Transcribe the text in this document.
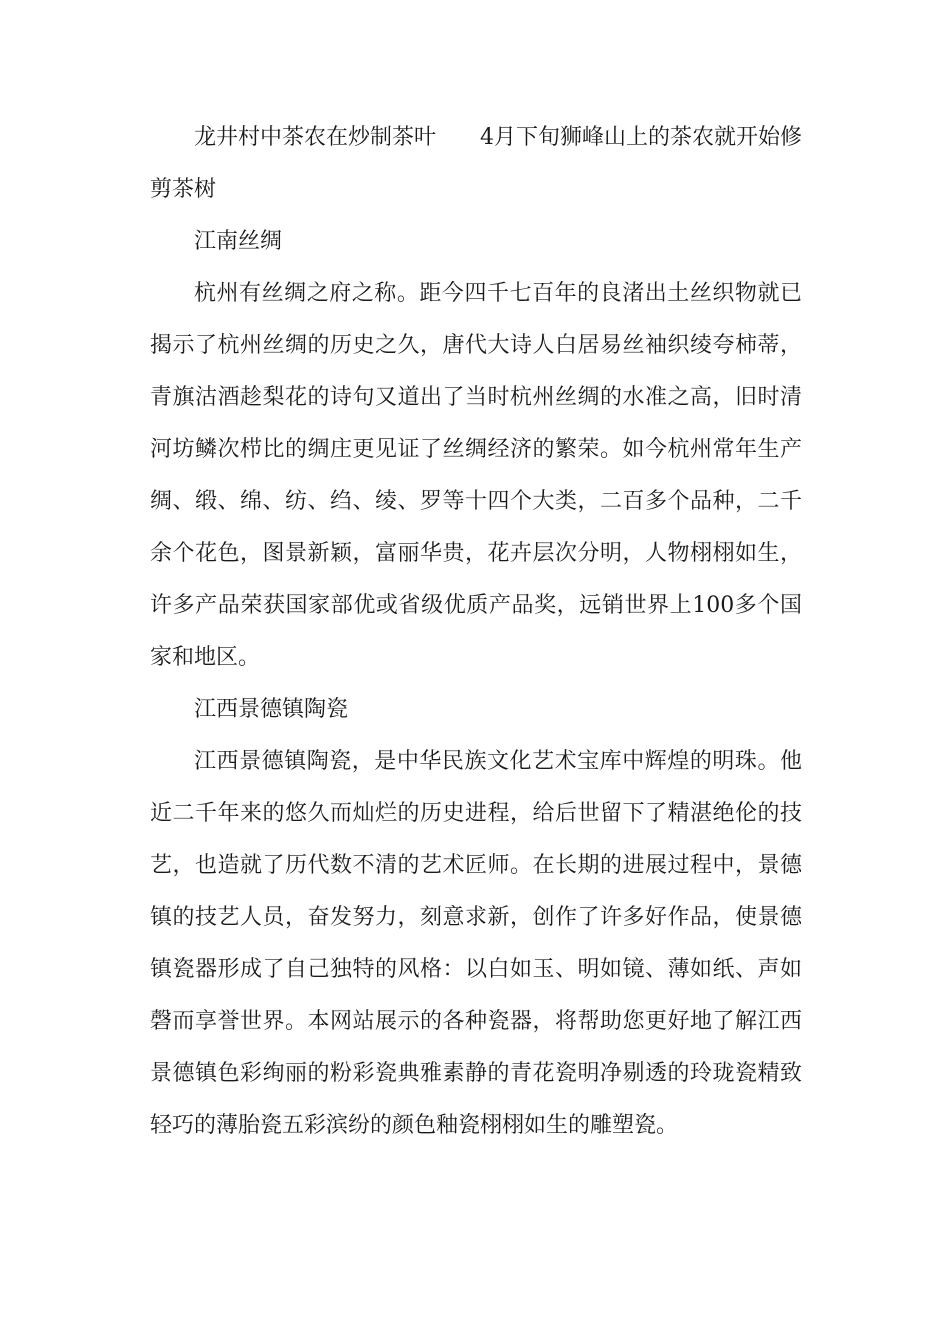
龙井村中茶农在炒制茶叶 4月下旬狮峰山上的茶农就开始修剪茶树

江南丝绸

杭州有丝绸之府之称。距今四千七百年的良渚出土丝织物就已揭示了杭州丝绸的历史之久，唐代大诗人白居易丝袖织绫夸柿蒂，青旗沽酒趁梨花的诗句又道出了当时杭州丝绸的水准之高，旧时清河坊鳞次栉比的绸庄更见证了丝绸经济的繁荣。如今杭州常年生产绸、缎、绵、纺、绉、绫、罗等十四个大类，二百多个品种，二千余个花色，图景新颖，富丽华贵，花卉层次分明，人物栩栩如生，许多产品荣获国家部优或省级优质产品奖，远销世界上100多个国家和地区。

江西景德镇陶瓷

江西景德镇陶瓷，是中华民族文化艺术宝库中辉煌的明珠。他近二千年来的悠久而灿烂的历史进程，给后世留下了精湛绝伦的技艺，也造就了历代数不清的艺术匠师。在长期的进展过程中，景德镇的技艺人员，奋发努力，刻意求新，创作了许多好作品，使景德镇瓷器形成了自己独特的风格：以白如玉、明如镜、薄如纸、声如磬而享誉世界。本网站展示的各种瓷器，将帮助您更好地了解江西景德镇色彩绚丽的粉彩瓷典雅素静的青花瓷明净剔透的玲珑瓷精致轻巧的薄胎瓷五彩滨纷的颜色釉瓷栩栩如生的雕塑瓷。
